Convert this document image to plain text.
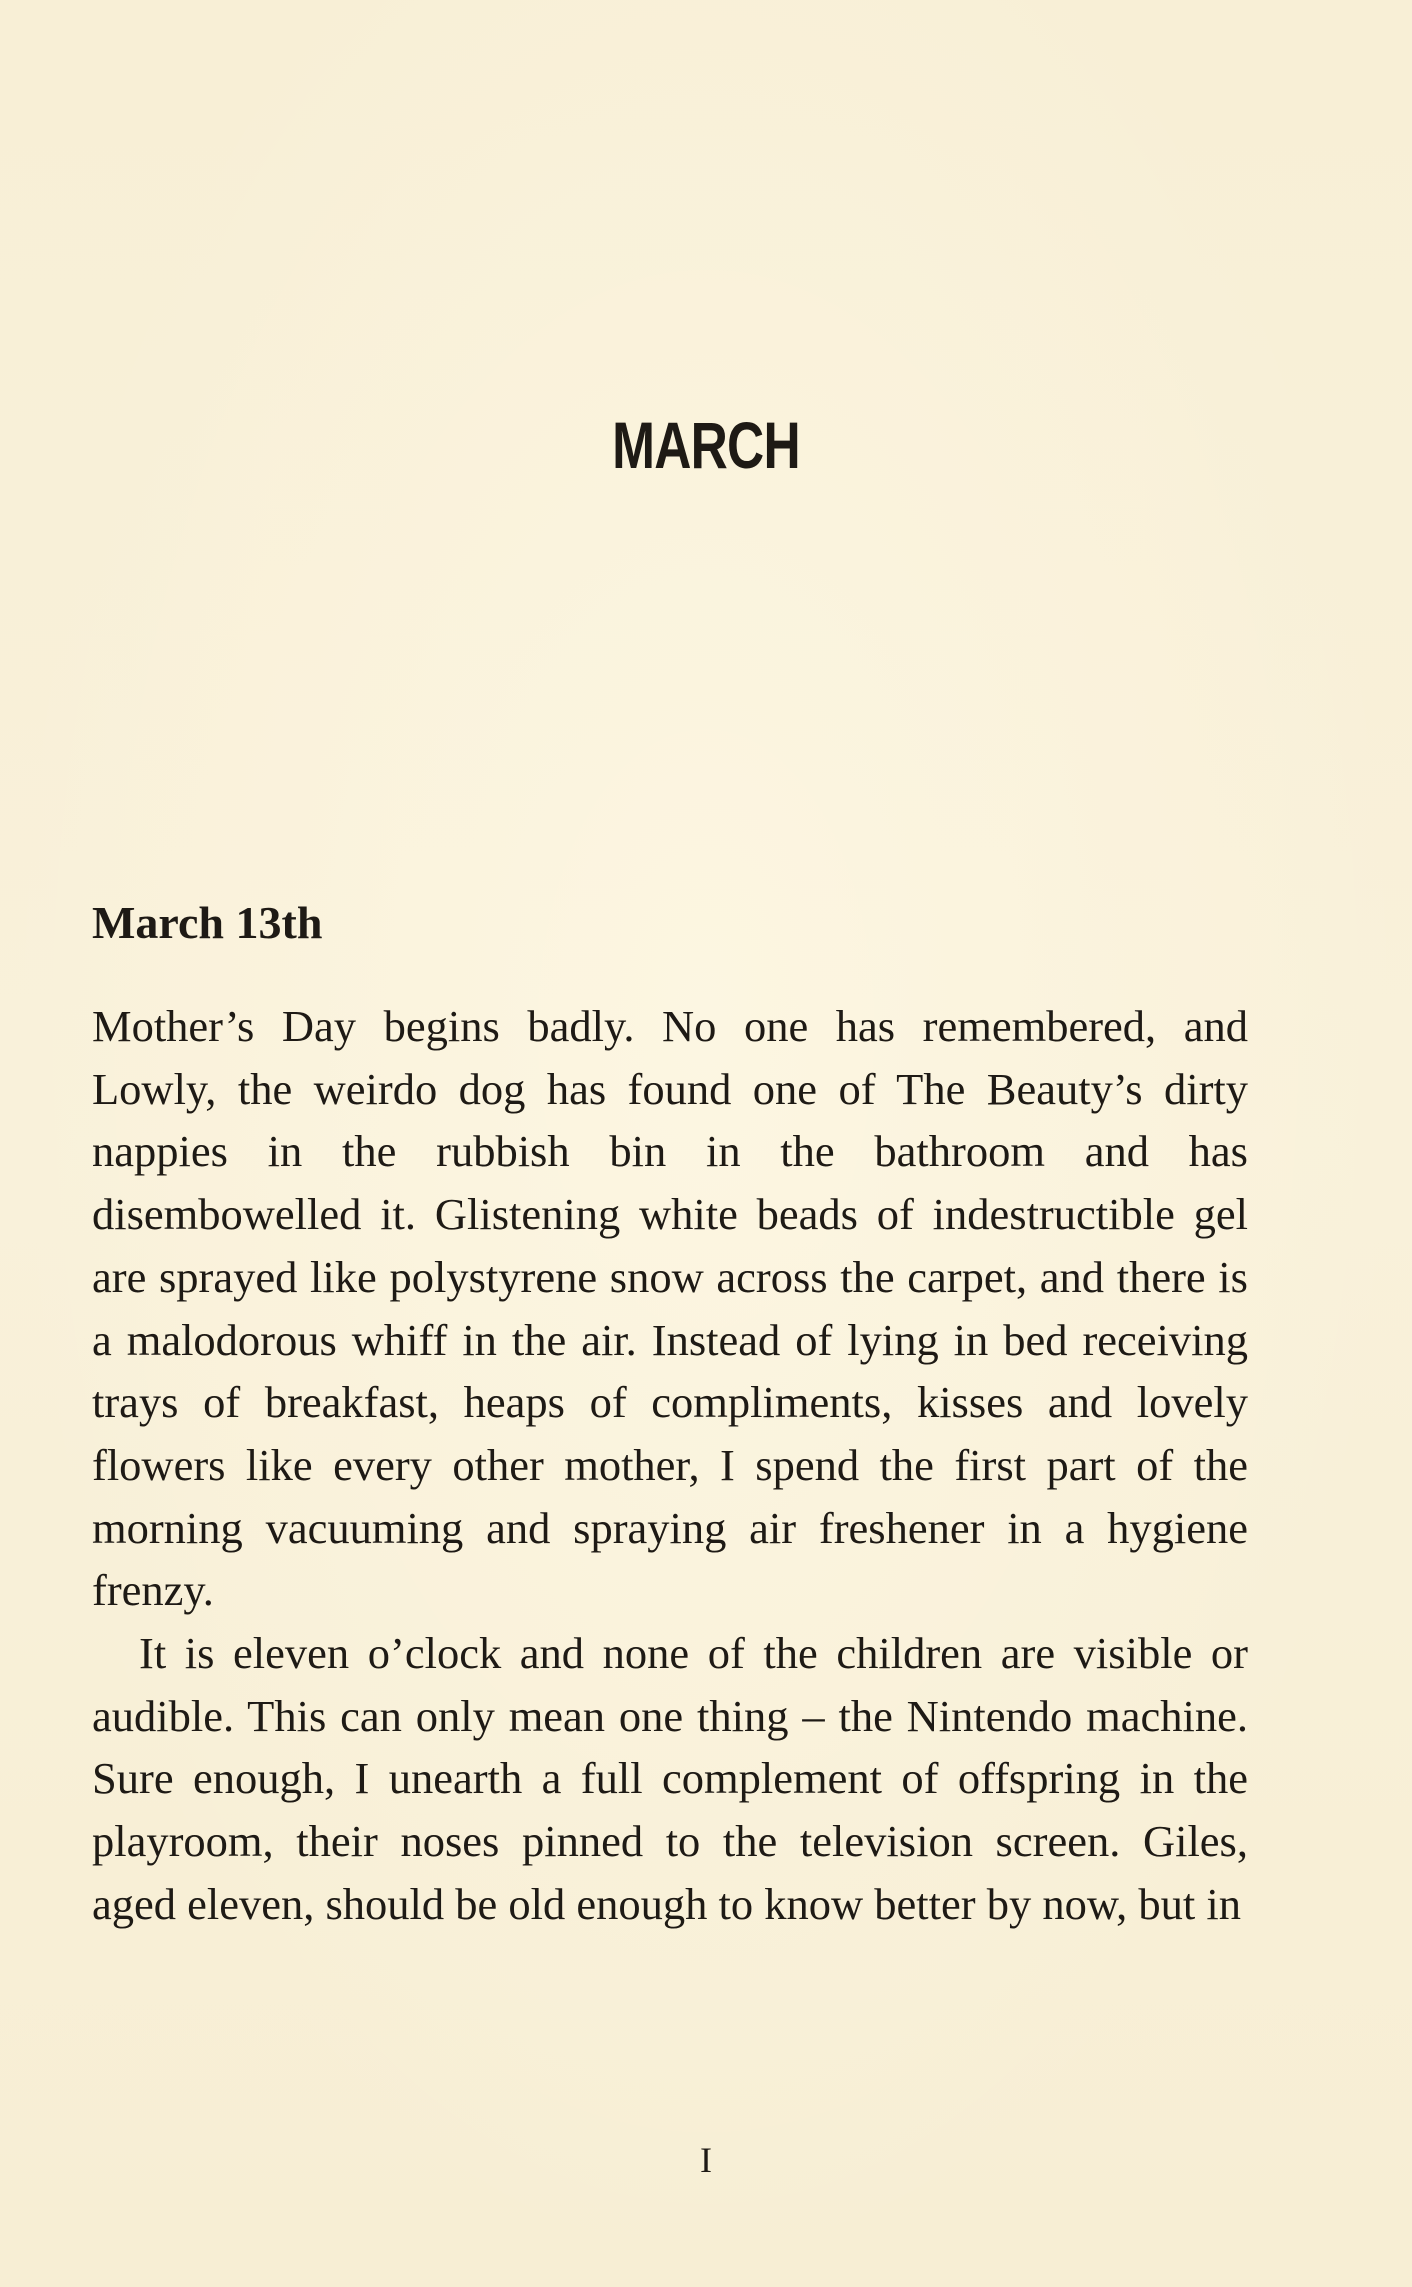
MARCH
March 13th

Mother’s Day begins badly. No one has remembered, and Lowly, the weirdo dog has found one of The Beauty’s dirty nappies in the rubbish bin in the bathroom and has disembowelled it. Glistening white beads of indestructible gel are sprayed like polystyrene snow across the carpet, and there is a malodorous whiff in the air. Instead of lying in bed receiving trays of breakfast, heaps of compliments, kisses and lovely flowers like every other mother, I spend the first part of the morning vacuuming and spraying air freshener in a hygiene frenzy.

It is eleven o’clock and none of the children are visible or audible. This can only mean one thing – the Nintendo machine. Sure enough, I unearth a full complement of offspring in the playroom, their noses pinned to the television screen. Giles, aged eleven, should be old enough to know better by now, but in

I
